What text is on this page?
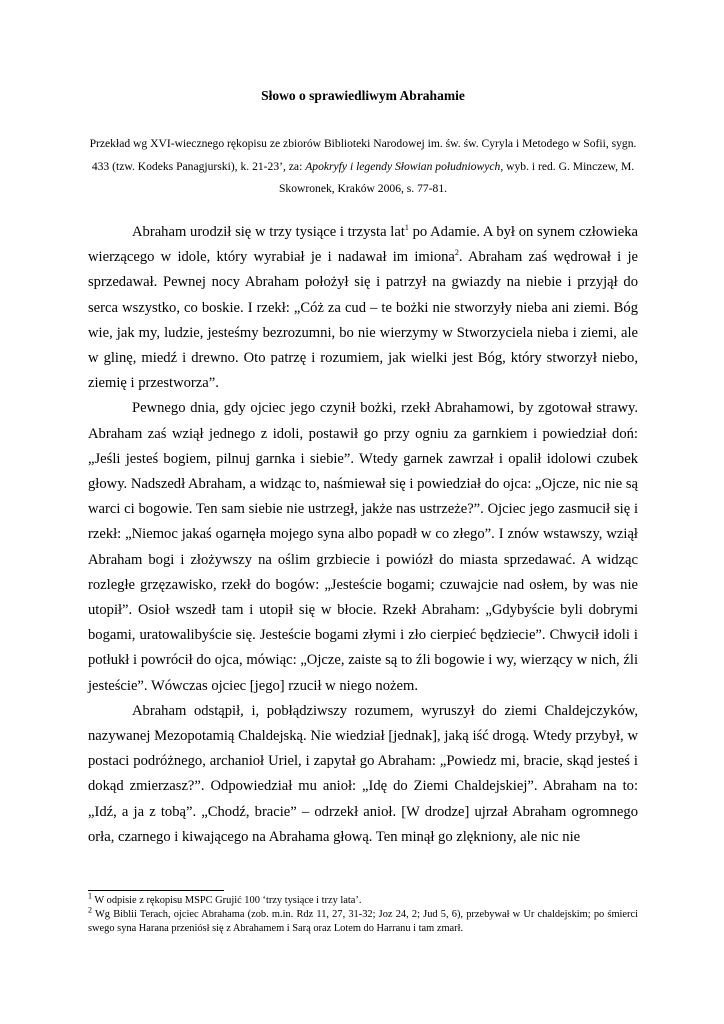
Słowo o sprawiedliwym Abrahamie
Przekład wg XVI-wiecznego rękopisu ze zbiorów Biblioteki Narodowej im. św. św. Cyryla i Metodego w Sofii, sygn. 433 (tzw. Kodeks Panagjurski), k. 21-23’, za: Apokryfy i legendy Słowian południowych, wyb. i red. G. Minczew, M. Skowronek, Kraków 2006, s. 77-81.

Abraham urodził się w trzy tysiące i trzysta lat$^1$ po Adamie. A był on synem człowieka wierzącego w idole, który wyrabiał je i nadawał im imiona$^2$. Abraham zaś wędrował i je sprzedawał. Pewnej nocy Abraham położył się i patrzył na gwiazdy na niebie i przyjął do serca wszystko, co boskie. I rzekł: „Cóż za cud – te bożki nie stworzyły nieba ani ziemi. Bóg wie, jak my, ludzie, jesteśmy bezrozumni, bo nie wierzymy w Stworzyciela nieba i ziemi, ale w glinę, miedź i drewno. Oto patrzę i rozumiem, jak wielki jest Bóg, który stworzył niebo, ziemię i przestworza”.

Pewnego dnia, gdy ojciec jego czynił bożki, rzekł Abrahamowi, by zgotował strawy. Abraham zaś wziął jednego z idoli, postawił go przy ogniu za garnkiem i powiedział doń: „Jeśli jesteś bogiem, pilnuj garnka i siebie”. Wtedy garnek zawrzał i opalił idolowi czubek głowy. Nadszedł Abraham, a widząc to, naśmiewał się i powiedział do ojca: „Ojcze, nic nie są warci ci bogowie. Ten sam siebie nie ustrzegł, jakże nas ustrzeże?”. Ojciec jego zasmucił się i rzekł: „Niemoc jakaś ogarnęła mojego syna albo popadł w co złego”. I znów wstawszy, wziął Abraham bogi i złożywszy na oślim grzbiecie i powiózł do miasta sprzedawać. A widząc rozległe grzęzawisko, rzekł do bogów: „Jesteście bogami; czuwajcie nad osłem, by was nie utopił”. Osioł wszedł tam i utopił się w błocie. Rzekł Abraham: „Gdybyście byli dobrymi bogami, uratowalibyście się. Jesteście bogami złymi i zło cierpieć będziecie”. Chwycił idoli i potłukł i powrócił do ojca, mówiąc: „Ojcze, zaiste są to źli bogowie i wy, wierzący w nich, źli jesteście”. Wówczas ojciec [jego] rzucił w niego nożem.

Abraham odstąpił, i, pobłądziwszy rozumem, wyruszył do ziemi Chaldejczyków, nazywanej Mezopotamią Chaldejską. Nie wiedział [jednak], jaką iść drogą. Wtedy przybył, w postaci podróżnego, archanioł Uriel, i zapytał go Abraham: „Powiedz mi, bracie, skąd jesteś i dokąd zmierzasz?”. Odpowiedział mu anioł: „Idę do Ziemi Chaldejskiej”. Abraham na to: „Idź, a ja z tobą”. „Chodź, bracie” – odrzekł anioł. [W drodze] ujrzał Abraham ogromnego orła, czarnego i kiwającego na Abrahama głową. Ten minął go zlękniony, ale nic nie

$^1$ W odpisie z rękopisu MSPC Grujić 100 ‘trzy tysiące i trzy lata’.

$^2$ Wg Biblii Terach, ojciec Abrahama (zob. m.in. Rdz 11, 27, 31-32; Joz 24, 2; Jud 5, 6), przebywał w Ur chaldejskim; po śmierci swego syna Harana przeniósł się z Abrahamem i Sarą oraz Lotem do Harranu i tam zmarł.
